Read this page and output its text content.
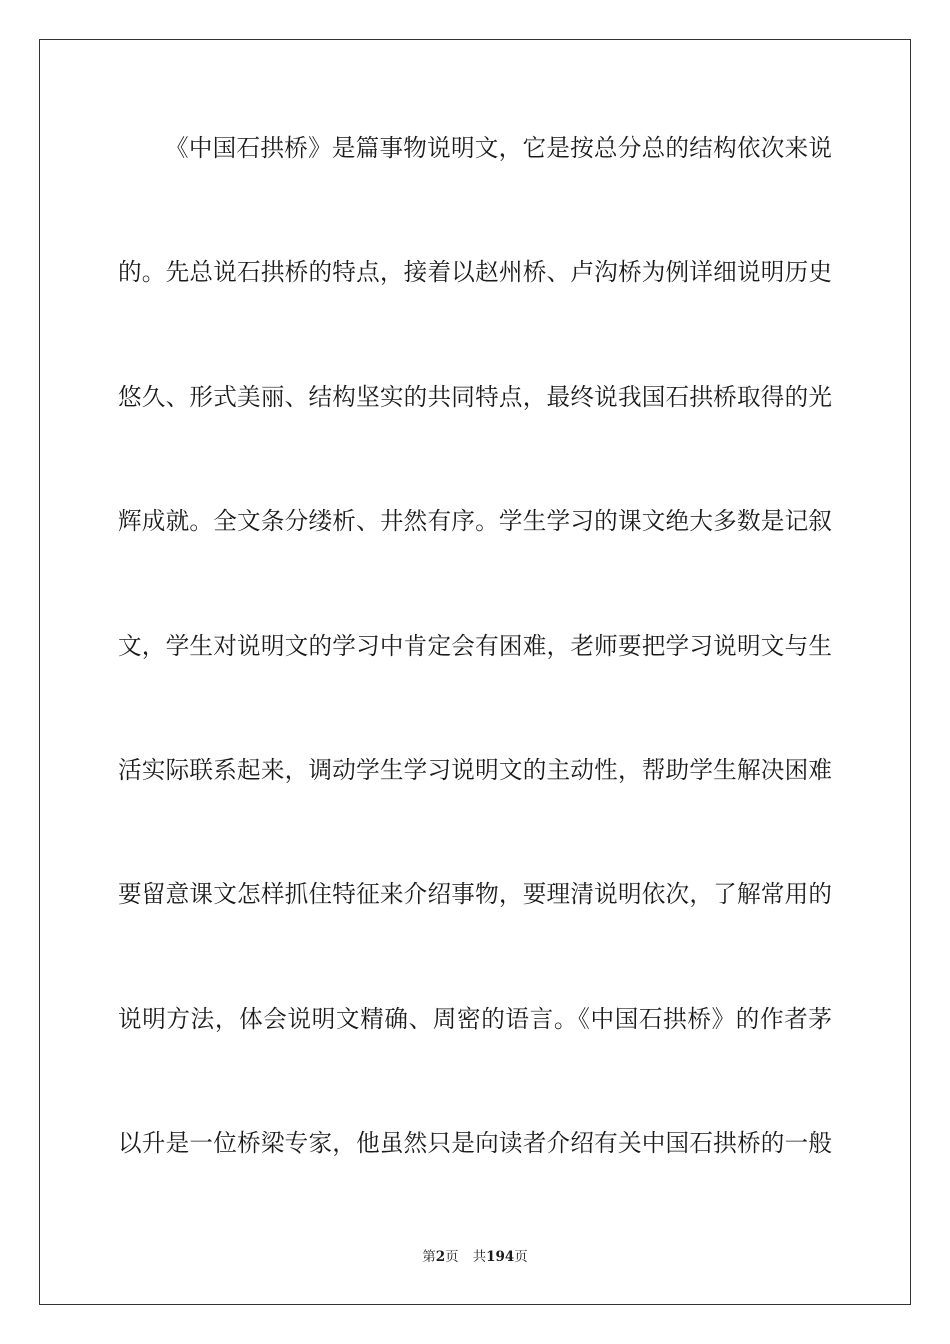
《中国石拱桥》是篇事物说明文，它是按总分总的结构依次来说
的。先总说石拱桥的特点，接着以赵州桥、卢沟桥为例详细说明历史
悠久、形式美丽、结构坚实的共同特点，最终说我国石拱桥取得的光
辉成就。全文条分缕析、井然有序。学生学习的课文绝大多数是记叙
文，学生对说明文的学习中肯定会有困难，老师要把学习说明文与生
活实际联系起来，调动学生学习说明文的主动性，帮助学生解决困难
要留意课文怎样抓住特征来介绍事物，要理清说明依次，了解常用的
说明方法，体会说明文精确、周密的语言。《中国石拱桥》的作者茅
以升是一位桥梁专家，他虽然只是向读者介绍有关中国石拱桥的一般
第2页 共194页
